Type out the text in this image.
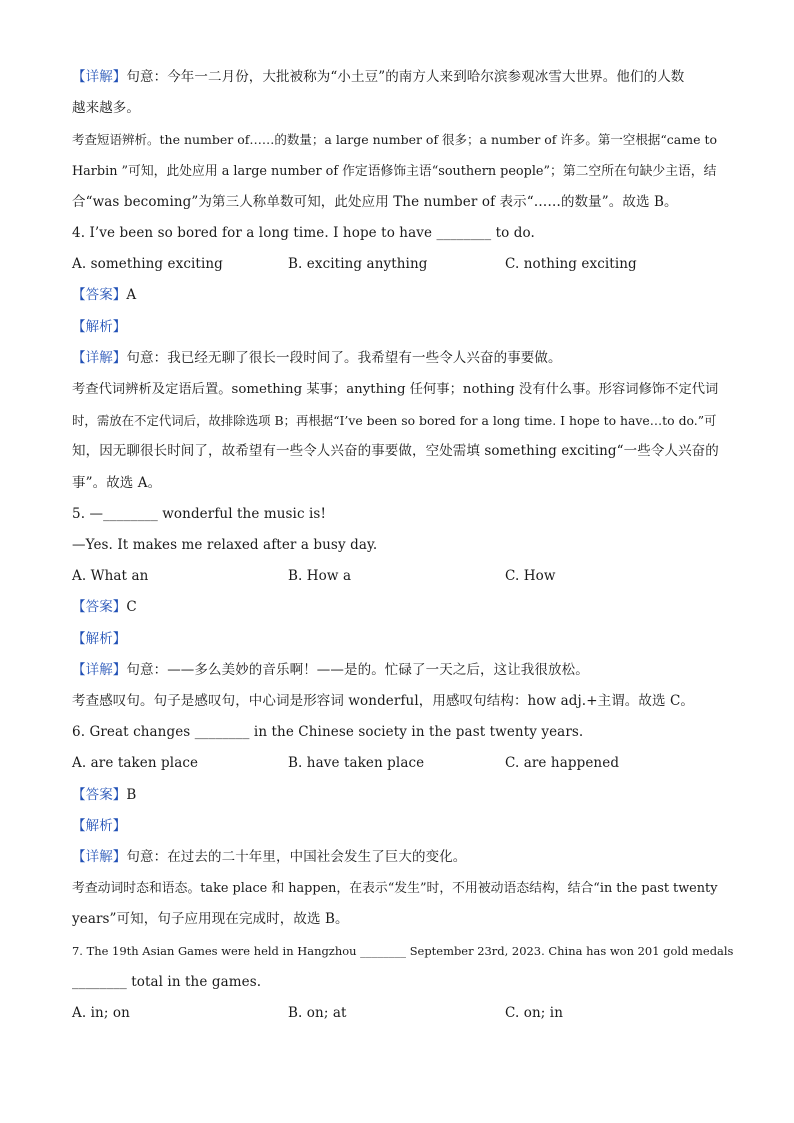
【详解】句意：今年一二月份，大批被称为“小土豆”的南方人来到哈尔滨参观冰雪大世界。他们的人数
越来越多。
考查短语辨析。the number of……的数量；a large number of 很多；a number of 许多。第一空根据“came to
Harbin ”可知，此处应用 a large number of 作定语修饰主语“southern people”；第二空所在句缺少主语，结
合“was becoming”为第三人称单数可知，此处应用 The number of 表示“……的数量”。故选 B。
4. I’ve been so bored for a long time. I hope to have ________ to do.
A. something exciting	B. exciting anything	C. nothing exciting
【答案】A
【解析】
【详解】句意：我已经无聊了很长一段时间了。我希望有一些令人兴奋的事要做。
考查代词辨析及定语后置。something 某事；anything 任何事；nothing 没有什么事。形容词修饰不定代词
时，需放在不定代词后，故排除选项 B；再根据“I’ve been so bored for a long time. I hope to have…to do.”可
知，因无聊很长时间了，故希望有一些令人兴奋的事要做，空处需填 something exciting“一些令人兴奋的
事”。故选 A。
5. —________ wonderful the music is!
—Yes. It makes me relaxed after a busy day.
A. What an	B. How a	C. How
【答案】C
【解析】
【详解】句意：——多么美妙的音乐啊！——是的。忙碌了一天之后，这让我很放松。
考查感叹句。句子是感叹句，中心词是形容词 wonderful，用感叹句结构：how adj.+主谓。故选 C。
6. Great changes ________ in the Chinese society in the past twenty years.
A. are taken place	B. have taken place	C. are happened
【答案】B
【解析】
【详解】句意：在过去的二十年里，中国社会发生了巨大的变化。
考查动词时态和语态。take place 和 happen，在表示“发生”时，不用被动语态结构，结合“in the past twenty
years”可知，句子应用现在完成时，故选 B。
7. The 19th Asian Games were held in Hangzhou ________ September 23rd, 2023. China has won 201 gold medals
________ total in the games.
A. in; on	B. on; at	C. on; in
